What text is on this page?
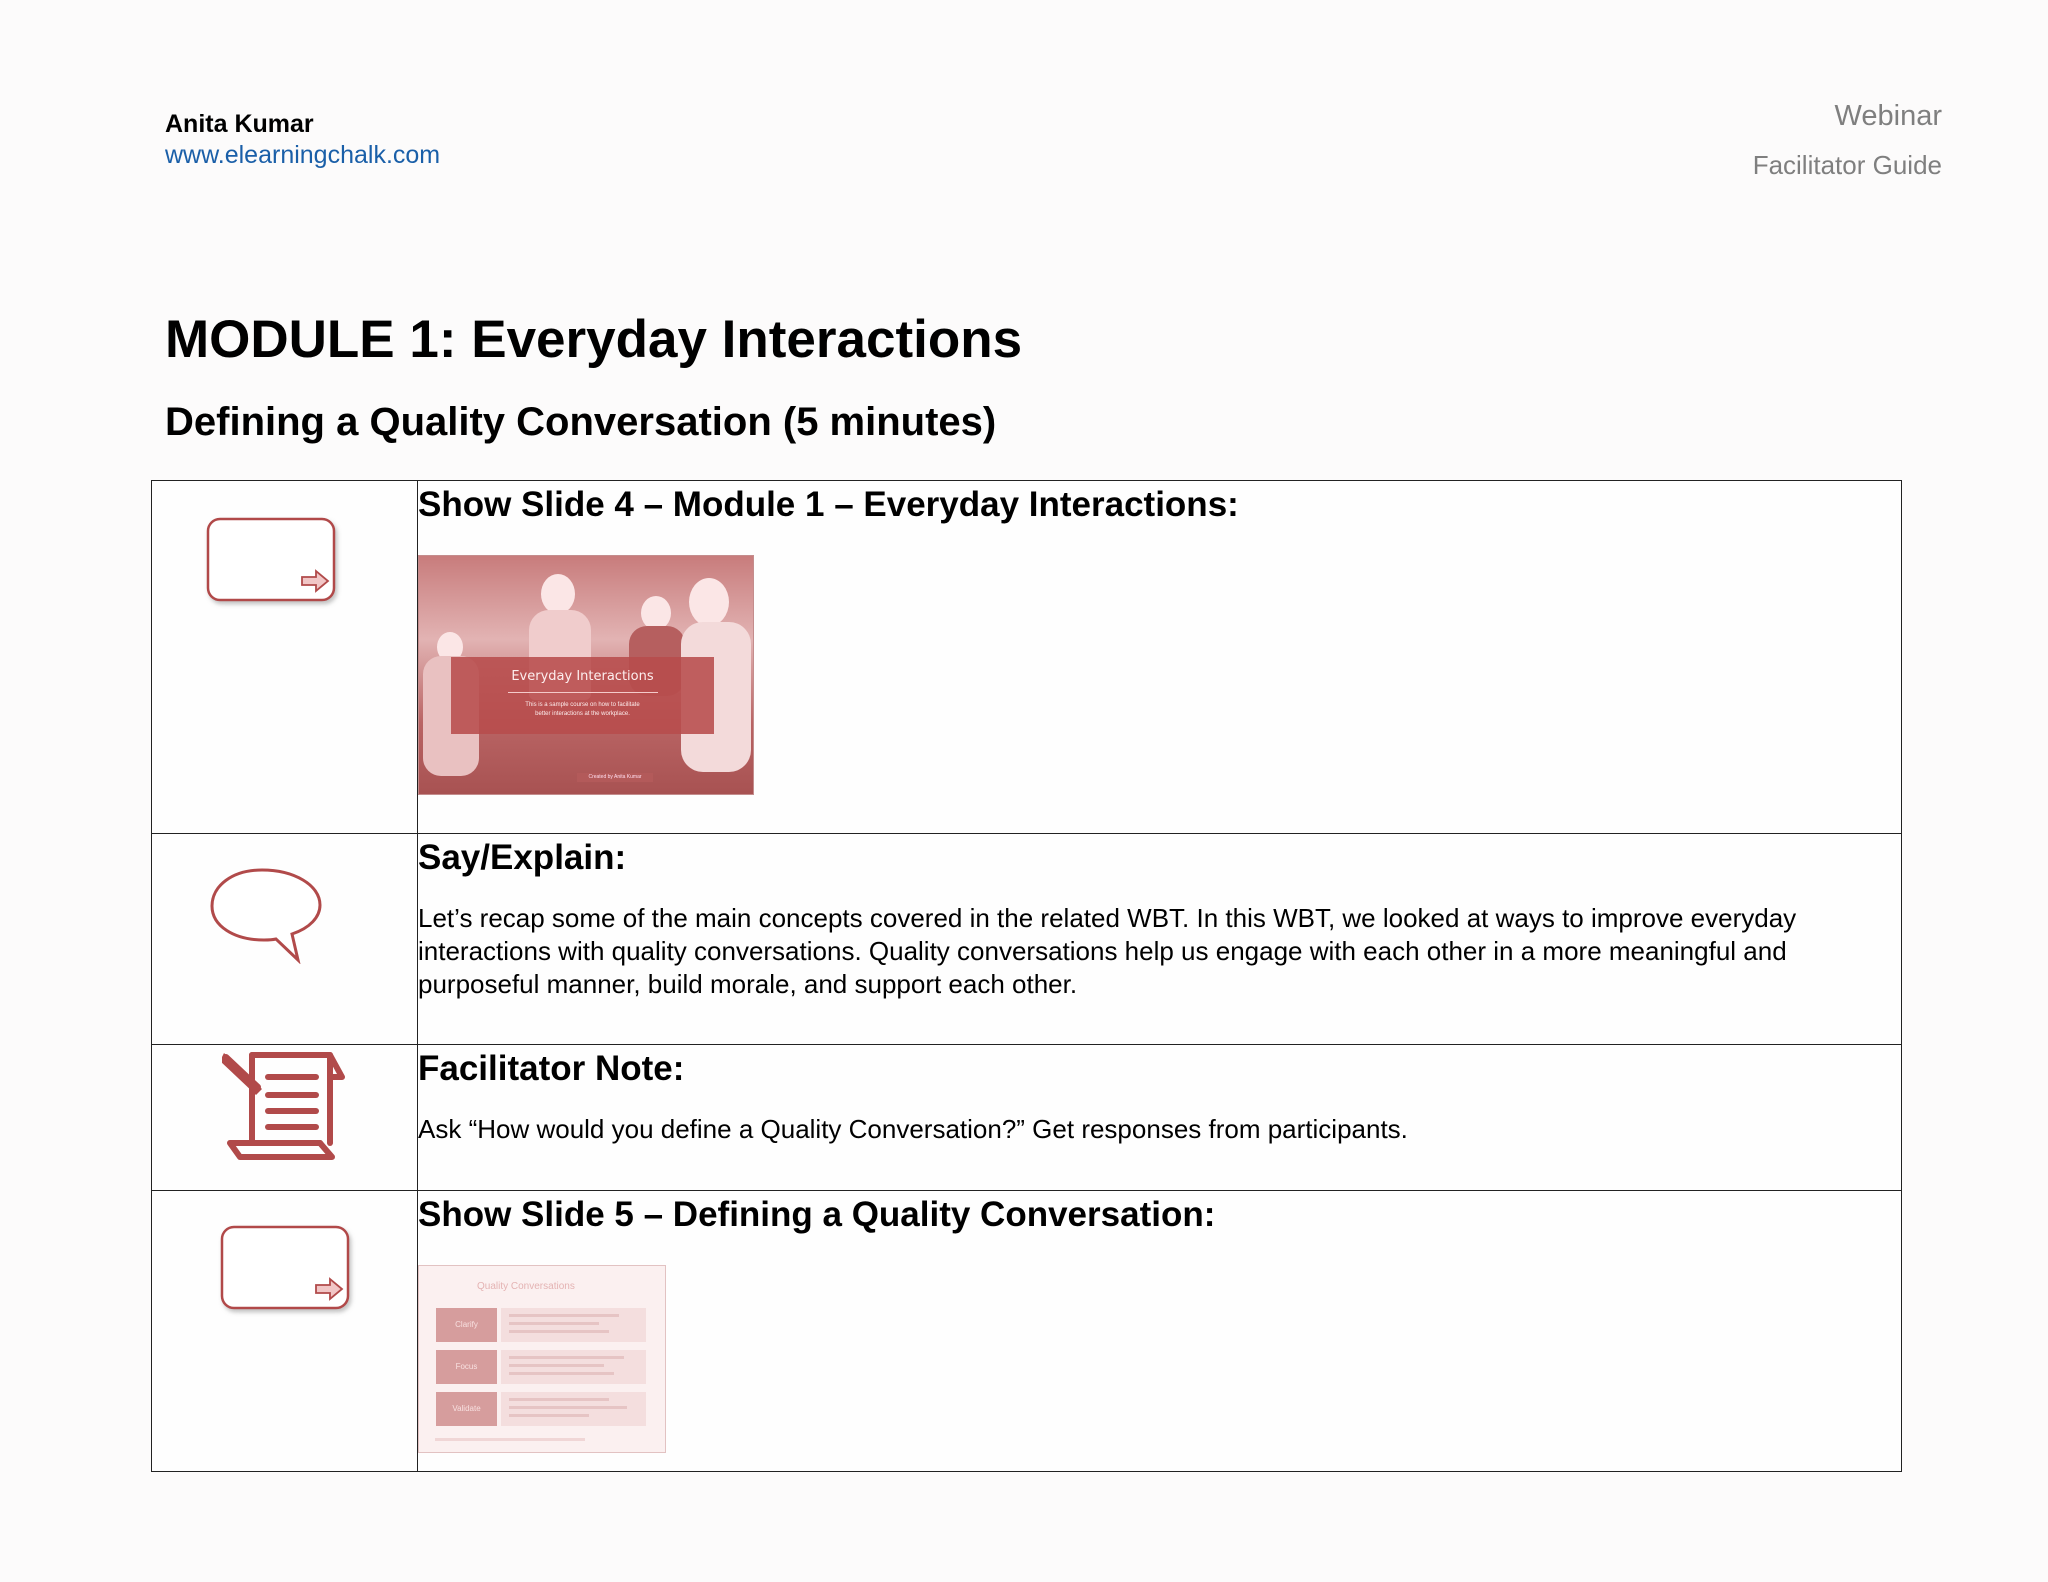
Anita Kumar
www.elearningchalk.com
Webinar
Facilitator Guide
MODULE 1: Everyday Interactions
Defining a Quality Conversation (5 minutes)

Show Slide 4 – Module 1 – Everyday Interactions:
Everyday Interactions
This is a sample course on how to facilitate
better interactions at the workplace.
Created by Anita Kumar

Say/Explain:

Let’s recap some of the main concepts covered in the related WBT. In this WBT, we looked at ways to improve everyday interactions with quality conversations. Quality conversations help us engage with each other in a more meaningful and purposeful manner, build morale, and support each other.

Facilitator Note:

Ask “How would you define a Quality Conversation?” Get responses from participants.

Show Slide 5 – Defining a Quality Conversation:
Quality Conversations
Clarify
Focus
Validate
